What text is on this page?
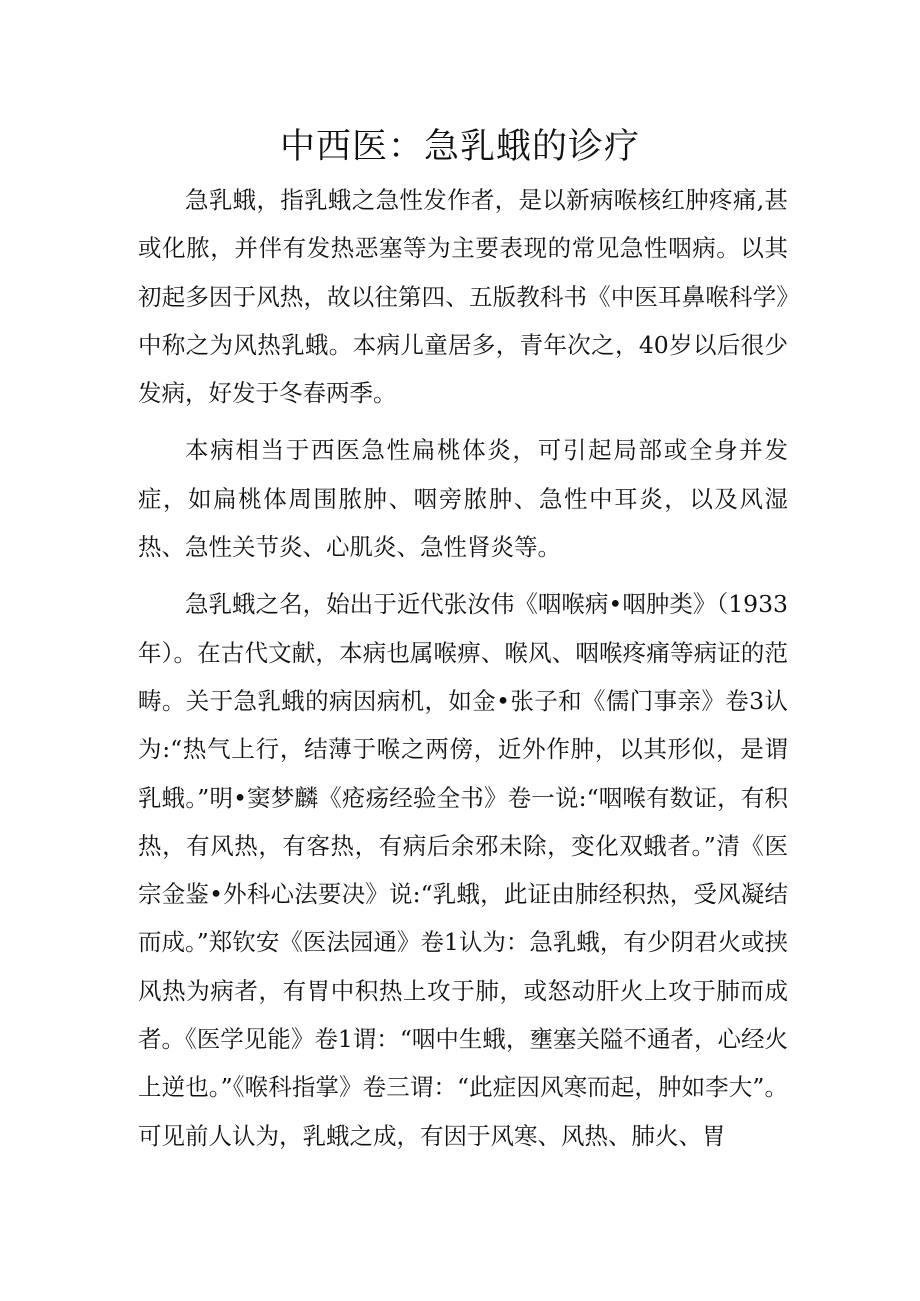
中西医：急乳蛾的诊疗

急乳蛾，指乳蛾之急性发作者，是以新病喉核红肿疼痛,甚或化脓，并伴有发热恶塞等为主要表现的常见急性咽病。以其初起多因于风热，故以往第四、五版教科书《中医耳鼻喉科学》中称之为风热乳蛾。本病儿童居多，青年次之，40岁以后很少发病，好发于冬春两季。

本病相当于西医急性扁桃体炎，可引起局部或全身并发症，如扁桃体周围脓肿、咽旁脓肿、急性中耳炎，以及风湿热、急性关节炎、心肌炎、急性肾炎等。

急乳蛾之名，始出于近代张汝伟《咽喉病•咽肿类》（1933年）。在古代文献，本病也属喉痹、喉风、咽喉疼痛等病证的范畴。关于急乳蛾的病因病机，如金•张子和《儒门事亲》卷3认为:“热气上行，结薄于喉之两傍，近外作肿，以其形似，是谓乳蛾。”明•窦梦麟《疮疡经验全书》卷一说:“咽喉有数证，有积热，有风热，有客热，有病后余邪未除，变化双蛾者。”清《医宗金鉴•外科心法要决》说:“乳蛾，此证由肺经积热，受风凝结而成。”郑钦安《医法园通》卷1认为：急乳蛾，有少阴君火或挟风热为病者，有胃中积热上攻于肺，或怒动肝火上攻于肺而成者。《医学见能》卷1谓：“咽中生蛾，壅塞关隘不通者，心经火上逆也。”《喉科指掌》卷三谓：“此症因风寒而起，肿如李大”。可见前人认为，乳蛾之成，有因于风寒、风热、肺火、胃
